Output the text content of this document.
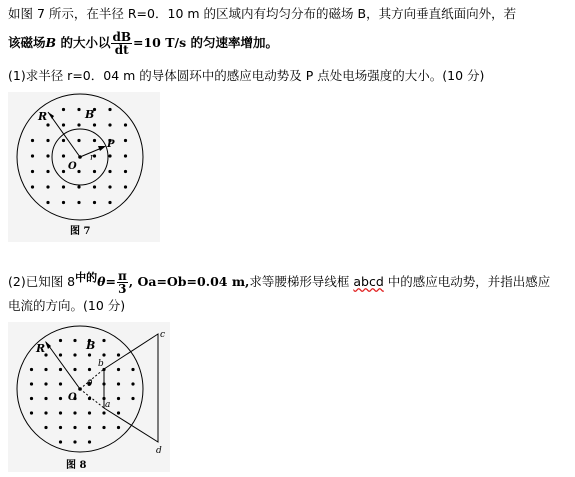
如图 7 所示，在半径 R=0．10 m 的区域内有均匀分布的磁场 B，其方向垂直纸面向外，若
该磁场B 的大小以 $\frac{dB}{dt} =10$ T/s 的匀速率增加。
(1)求半径 r=0．04 m 的导体圆环中的感应电动势及 P 点处电场强度的大小。(10 分)
R	B
P
O
r
图 7
(2)已知图 8中的$\theta= \frac{\pi}{3}$ , Oa=Ob=0.04 m,求等腰梯形导线框 abcd 中的感应电动势，并指出感应
电流的方向。(10 分)
R	B
O
θ
a
b
c
d
图 8
